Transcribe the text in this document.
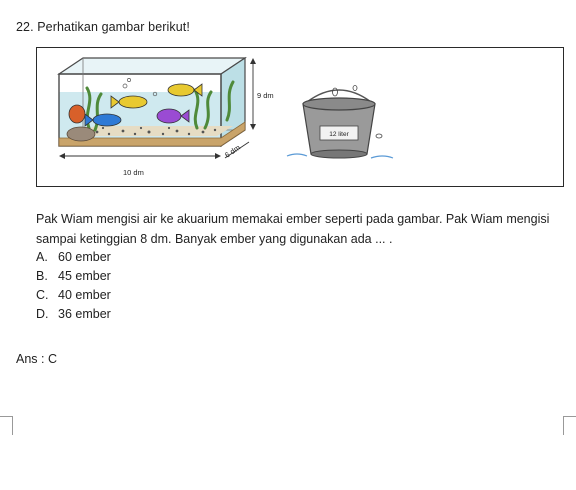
22. Perhatikan gambar berikut!
9 dm
10 dm
6 dm
12 liter
Pak Wiam mengisi air ke akuarium memakai ember seperti pada gambar. Pak Wiam mengisi sampai ketinggian 8 dm. Banyak ember yang digunakan ada ... .
A. 60 ember
B. 45 ember
C. 40 ember
D. 36 ember
Ans : C
